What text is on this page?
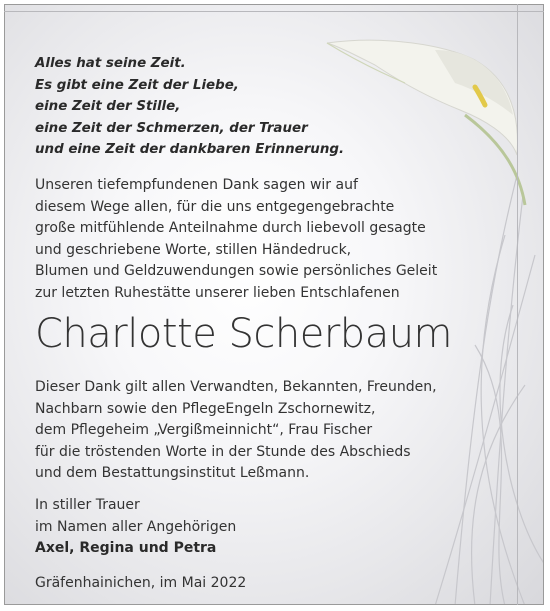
Alles hat seine Zeit.
Es gibt eine Zeit der Liebe,
eine Zeit der Stille,
eine Zeit der Schmerzen, der Trauer
und eine Zeit der dankbaren Erinnerung.
Unseren tiefempfundenen Dank sagen wir auf
diesem Wege allen, für die uns entgegengebrachte
große mitfühlende Anteilnahme durch liebevoll gesagte
und geschriebene Worte, stillen Händedruck,
Blumen und Geldzuwendungen sowie persönliches Geleit
zur letzten Ruhestätte unserer lieben Entschlafenen
Charlotte Scherbaum
Dieser Dank gilt allen Verwandten, Bekannten, Freunden,
Nachbarn sowie den PflegeEngeln Zschornewitz,
dem Pflegeheim „Vergißmeinnicht“, Frau Fischer
für die tröstenden Worte in der Stunde des Abschieds
und dem Bestattungsinstitut Leßmann.
In stiller Trauer
im Namen aller Angehörigen
Axel, Regina und Petra
Gräfenhainichen, im Mai 2022
